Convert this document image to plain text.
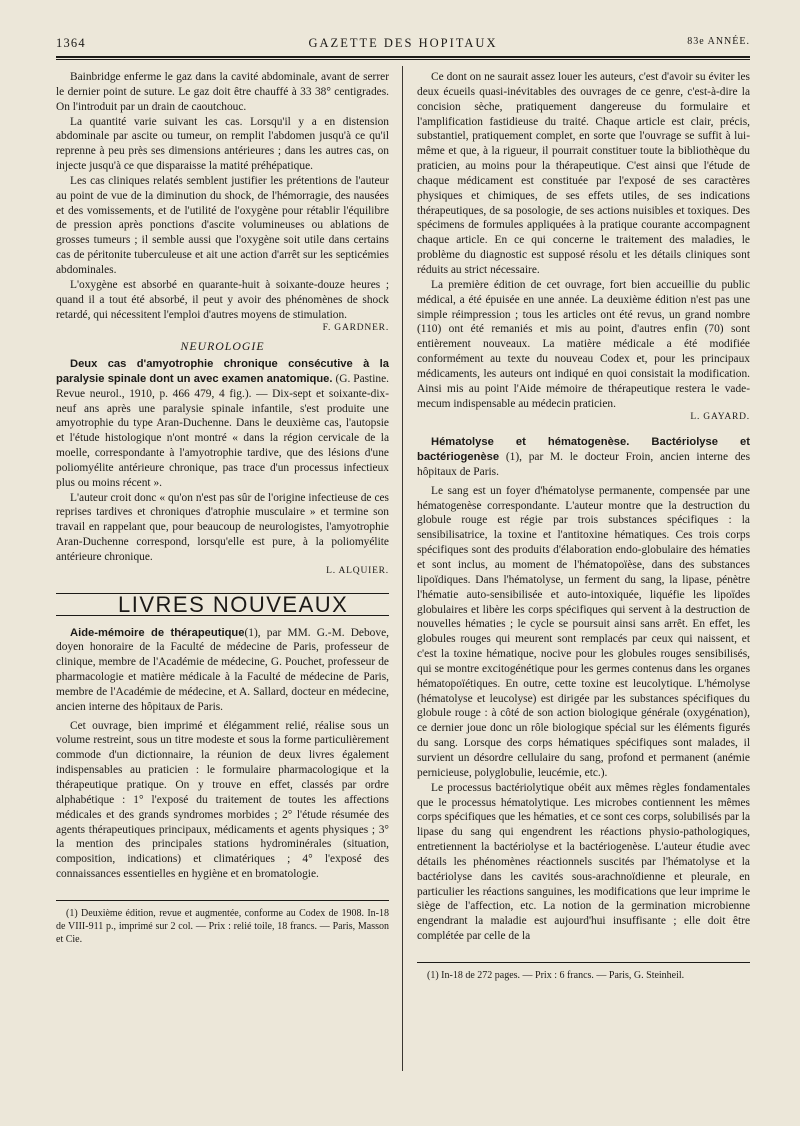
1364	GAZETTE DES HOPITAUX	83e ANNÉE.

Bainbridge enferme le gaz dans la cavité abdominale, avant de serrer le dernier point de suture. Le gaz doit être chauffé à 33 38° centigrades. On l'introduit par un drain de caoutchouc.

La quantité varie suivant les cas. Lorsqu'il y a en distension abdominale par ascite ou tumeur, on remplit l'abdomen jusqu'à ce qu'il reprenne à peu près ses dimensions antérieures ; dans les autres cas, on injecte jusqu'à ce que disparaisse la matité préhépatique.

Les cas cliniques relatés semblent justifier les prétentions de l'auteur au point de vue de la diminution du shock, de l'hémorragie, des nausées et des vomissements, et de l'utilité de l'oxygène pour rétablir l'équilibre de pression après ponctions d'ascite volumineuses ou ablations de grosses tumeurs ; il semble aussi que l'oxygène soit utile dans certains cas de péritonite tuberculeuse et ait une action d'arrêt sur les septicémies abdominales.

L'oxygène est absorbé en quarante-huit à soixante-douze heures ; quand il a tout été absorbé, il peut y avoir des phénomènes de shock retardé, qui nécessitent l'emploi d'autres moyens de stimulation.

F. GARDNER.
NEUROLOGIE

Deux cas d'amyotrophie chronique consécutive à la paralysie spinale dont un avec examen anatomique. (G. Pastine. Revue neurol., 1910, p. 466 479, 4 fig.). — Dix-sept et soixante-dix-neuf ans après une paralysie spinale infantile, s'est produite une amyotrophie du type Aran-Duchenne. Dans le deuxième cas, l'autopsie et l'étude histologique n'ont montré « dans la région cervicale de la moelle, correspondante à l'amyotrophie tardive, que des lésions d'une poliomyélite antérieure chronique, pas trace d'un processus infectieux plus ou moins récent ».

L'auteur croit donc « qu'on n'est pas sûr de l'origine infectieuse de ces reprises tardives et chroniques d'atrophie musculaire » et termine son travail en rappelant que, pour beaucoup de neurologistes, l'amyotrophie Aran-Duchenne correspond, lorsqu'elle est pure, à la poliomyélite antérieure chronique.

L. ALQUIER.
LIVRES NOUVEAUX

Aide-mémoire de thérapeutique(1), par MM. G.-M. Debove, doyen honoraire de la Faculté de médecine de Paris, professeur de clinique, membre de l'Académie de médecine, G. Pouchet, professeur de pharmacologie et matière médicale à la Faculté de médecine de Paris, membre de l'Académie de médecine, et A. Sallard, docteur en médecine, ancien interne des hôpitaux de Paris.

Cet ouvrage, bien imprimé et élégamment relié, réalise sous un volume restreint, sous un titre modeste et sous la forme particulièrement commode d'un dictionnaire, la réunion de deux livres également indispensables au praticien : le formulaire pharmacologique et la thérapeutique pratique. On y trouve en effet, classés par ordre alphabétique : 1° l'exposé du traitement de toutes les affections médicales et des grands syndromes morbides ; 2° l'étude résumée des agents thérapeutiques principaux, médicaments et agents physiques ; 3° la mention des principales stations hydrominérales (situation, composition, indications) et climatériques ; 4° l'exposé des connaissances essentielles en hygiène et en bromatologie.

(1) Deuxième édition, revue et augmentée, conforme au Codex de 1908. In-18 de VIII-911 p., imprimé sur 2 col. — Prix : relié toile, 18 francs. — Paris, Masson et Cie.

Ce dont on ne saurait assez louer les auteurs, c'est d'avoir su éviter les deux écueils quasi-inévitables des ouvrages de ce genre, c'est-à-dire la concision sèche, pratiquement dangereuse du formulaire et l'amplification fastidieuse du traité. Chaque article est clair, précis, substantiel, pratiquement complet, en sorte que l'ouvrage se suffit à lui-même et que, à la rigueur, il pourrait constituer toute la bibliothèque du praticien, au moins pour la thérapeutique. C'est ainsi que l'étude de chaque médicament est constituée par l'exposé de ses caractères physiques et chimiques, de ses effets utiles, de ses indications thérapeutiques, de sa posologie, de ses actions nuisibles et toxiques. Des spécimens de formules appliquées à la pratique courante accompagnent chaque article. En ce qui concerne le traitement des maladies, le problème du diagnostic est supposé résolu et les détails cliniques sont réduits au strict nécessaire.

La première édition de cet ouvrage, fort bien accueillie du public médical, a été épuisée en une année. La deuxième édition n'est pas une simple réimpression ; tous les articles ont été revus, un grand nombre (110) ont été remaniés et mis au point, d'autres enfin (70) sont entièrement nouveaux. La matière médicale a été modifiée conformément au texte du nouveau Codex et, pour les principaux médicaments, les auteurs ont indiqué en quoi consistait la modification. Ainsi mis au point l'Aide mémoire de thérapeutique restera le vade-mecum indispensable au médecin praticien.

L. GAYARD.

Hématolyse et hématogenèse. Bactériolyse et bactériogenèse (1), par M. le docteur Froin, ancien interne des hôpitaux de Paris.

Le sang est un foyer d'hématolyse permanente, compensée par une hématogenèse correspondante. L'auteur montre que la destruction du globule rouge est régie par trois substances spécifiques : la sensibilisatrice, la toxine et l'antitoxine hématiques. Ces trois corps spécifiques sont des produits d'élaboration endo-globulaire des hématies et sont inclus, au moment de l'hématopoïèse, dans des substances lipoïdiques. Dans l'hématolyse, un ferment du sang, la lipase, pénètre l'hématie auto-sensibilisée et auto-intoxiquée, liquéfie les lipoïdes globulaires et libère les corps spécifiques qui servent à la destruction de nouvelles hématies ; le cycle se poursuit ainsi sans arrêt. En effet, les globules rouges qui meurent sont remplacés par ceux qui naissent, et c'est la toxine hématique, nocive pour les globules rouges sensibilisés, qui se montre excitogénétique pour les germes contenus dans les organes hématopoïétiques. En outre, cette toxine est leucolytique. L'hémolyse (hématolyse et leucolyse) est dirigée par les substances spécifiques du globule rouge : à côté de son action biologique générale (oxygénation), ce dernier joue donc un rôle biologique spécial sur les éléments figurés du sang. Lorsque des corps hématiques spécifiques sont malades, il survient un désordre cellulaire du sang, profond et permanent (anémie pernicieuse, polyglobulie, leucémie, etc.).

Le processus bactériolytique obéit aux mêmes règles fondamentales que le processus hématolytique. Les microbes contiennent les mêmes corps spécifiques que les hématies, et ce sont ces corps, solubilisés par la lipase du sang qui engendrent les réactions physio-pathologiques, entretiennent la bactériolyse et la bactériogenèse. L'auteur étudie avec détails les phénomènes réactionnels suscités par l'hématolyse et la bactériolyse dans les cavités sous-arachnoïdienne et pleurale, en particulier les réactions sanguines, les modifications que leur imprime le siège de l'affection, etc. La notion de la germination microbienne engendrant la maladie est aujourd'hui insuffisante ; elle doit être complétée par celle de la

(1) In-18 de 272 pages. — Prix : 6 francs. — Paris, G. Steinheil.
